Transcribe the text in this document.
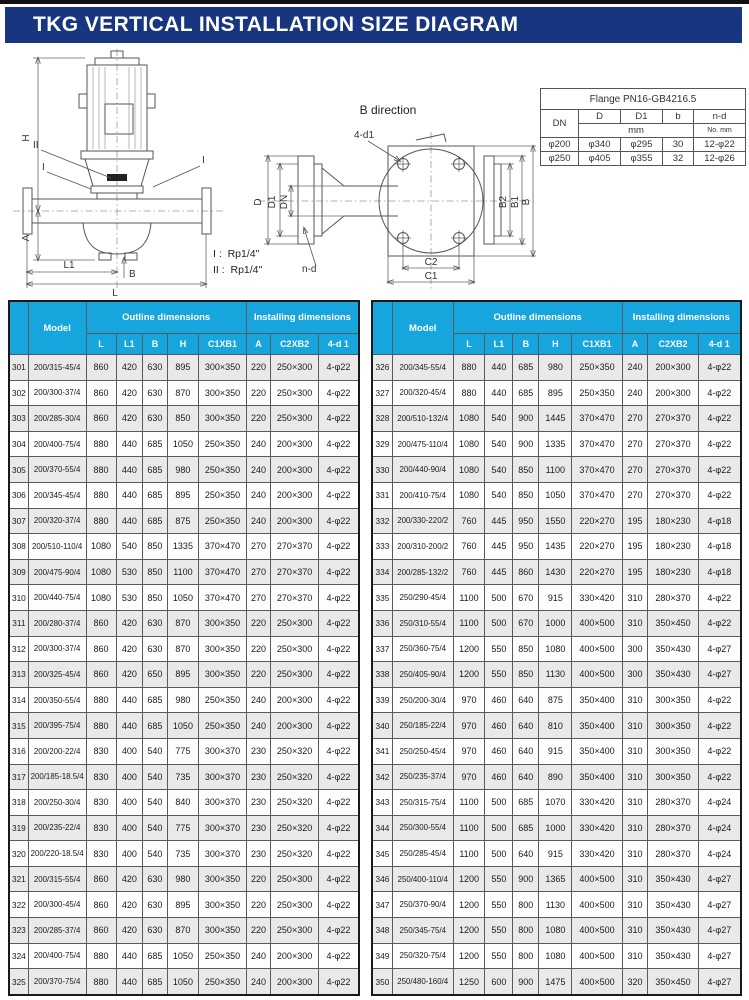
TKG VERTICAL INSTALLATION SIZE DIAGRAM
H
A
II
I
I
L1
B
L
I :  Rp1/4"
II :  Rp1/4"
B direction
D D1 DN
4-d1
n-d
B2 B1 B
C2
C1
Flange PN16-GB4216.5				
DN	D	D1	b	n-d
	mm			No. mm
φ200	φ340	φ295	30	12-φ22
φ250	φ405	φ355	32	12-φ26
	Model	Outline dimensions					Installing dimensions		
		L	L1	B	H	C1XB1	A	C2XB2	4-d 1
301	200/315-45/4	860	420	630	895	300×350	220	250×300	4-φ22
302	200/300-37/4	860	420	630	870	300×350	220	250×300	4-φ22
303	200/285-30/4	860	420	630	850	300×350	220	250×300	4-φ22
304	200/400-75/4	880	440	685	1050	250×350	240	200×300	4-φ22
305	200/370-55/4	880	440	685	980	250×350	240	200×300	4-φ22
306	200/345-45/4	880	440	685	895	250×350	240	200×300	4-φ22
307	200/320-37/4	880	440	685	875	250×350	240	200×300	4-φ22
308	200/510-110/4	1080	540	850	1335	370×470	270	270×370	4-φ22
309	200/475-90/4	1080	530	850	1100	370×470	270	270×370	4-φ22
310	200/440-75/4	1080	530	850	1050	370×470	270	270×370	4-φ22
311	200/280-37/4	860	420	630	870	300×350	220	250×300	4-φ22
312	200/300-37/4	860	420	630	870	300×350	220	250×300	4-φ22
313	200/325-45/4	860	420	650	895	300×350	220	250×300	4-φ22
314	200/350-55/4	880	440	685	980	250×350	240	200×300	4-φ22
315	200/395-75/4	880	440	685	1050	250×350	240	200×300	4-φ22
316	200/200-22/4	830	400	540	775	300×370	230	250×320	4-φ22
317	200/185-18.5/4	830	400	540	735	300×370	230	250×320	4-φ22
318	200/250-30/4	830	400	540	840	300×370	230	250×320	4-φ22
319	200/235-22/4	830	400	540	775	300×370	230	250×320	4-φ22
320	200/220-18.5/4	830	400	540	735	300×370	230	250×320	4-φ22
321	200/315-55/4	860	420	630	980	300×350	220	250×300	4-φ22
322	200/300-45/4	860	420	630	895	300×350	220	250×300	4-φ22
323	200/285-37/4	860	420	630	870	300×350	220	250×300	4-φ22
324	200/400-75/4	880	440	685	1050	250×350	240	200×300	4-φ22
325	200/370-75/4	880	440	685	1050	250×350	240	200×300	4-φ22
	Model	Outline dimensions					Installing dimensions		
		L	L1	B	H	C1XB1	A	C2XB2	4-d 1
326	200/345-55/4	880	440	685	980	250×350	240	200×300	4-φ22
327	200/320-45/4	880	440	685	895	250×350	240	200×300	4-φ22
328	200/510-132/4	1080	540	900	1445	370×470	270	270×370	4-φ22
329	200/475-110/4	1080	540	900	1335	370×470	270	270×370	4-φ22
330	200/440-90/4	1080	540	850	1100	370×470	270	270×370	4-φ22
331	200/410-75/4	1080	540	850	1050	370×470	270	270×370	4-φ22
332	200/330-220/2	760	445	950	1550	220×270	195	180×230	4-φ18
333	200/310-200/2	760	445	950	1435	220×270	195	180×230	4-φ18
334	200/285-132/2	760	445	860	1430	220×270	195	180×230	4-φ18
335	250/290-45/4	1100	500	670	915	330×420	310	280×370	4-φ22
336	250/310-55/4	1100	500	670	1000	400×500	310	350×450	4-φ22
337	250/360-75/4	1200	550	850	1080	400×500	300	350×430	4-φ27
338	250/405-90/4	1200	550	850	1130	400×500	300	350×430	4-φ27
339	250/200-30/4	970	460	640	875	350×400	310	300×350	4-φ22
340	250/185-22/4	970	460	640	810	350×400	310	300×350	4-φ22
341	250/250-45/4	970	460	640	915	350×400	310	300×350	4-φ22
342	250/235-37/4	970	460	640	890	350×400	310	300×350	4-φ22
343	250/315-75/4	1100	500	685	1070	330×420	310	280×370	4-φ24
344	250/300-55/4	1100	500	685	1000	330×420	310	280×370	4-φ24
345	250/285-45/4	1100	500	640	915	330×420	310	280×370	4-φ24
346	250/400-110/4	1200	550	900	1365	400×500	310	350×430	4-φ27
347	250/370-90/4	1200	550	800	1130	400×500	310	350×430	4-φ27
348	250/345-75/4	1200	550	800	1080	400×500	310	350×430	4-φ27
349	250/320-75/4	1200	550	800	1080	400×500	310	350×430	4-φ27
350	250/480-160/4	1250	600	900	1475	400×500	320	350×450	4-φ27
